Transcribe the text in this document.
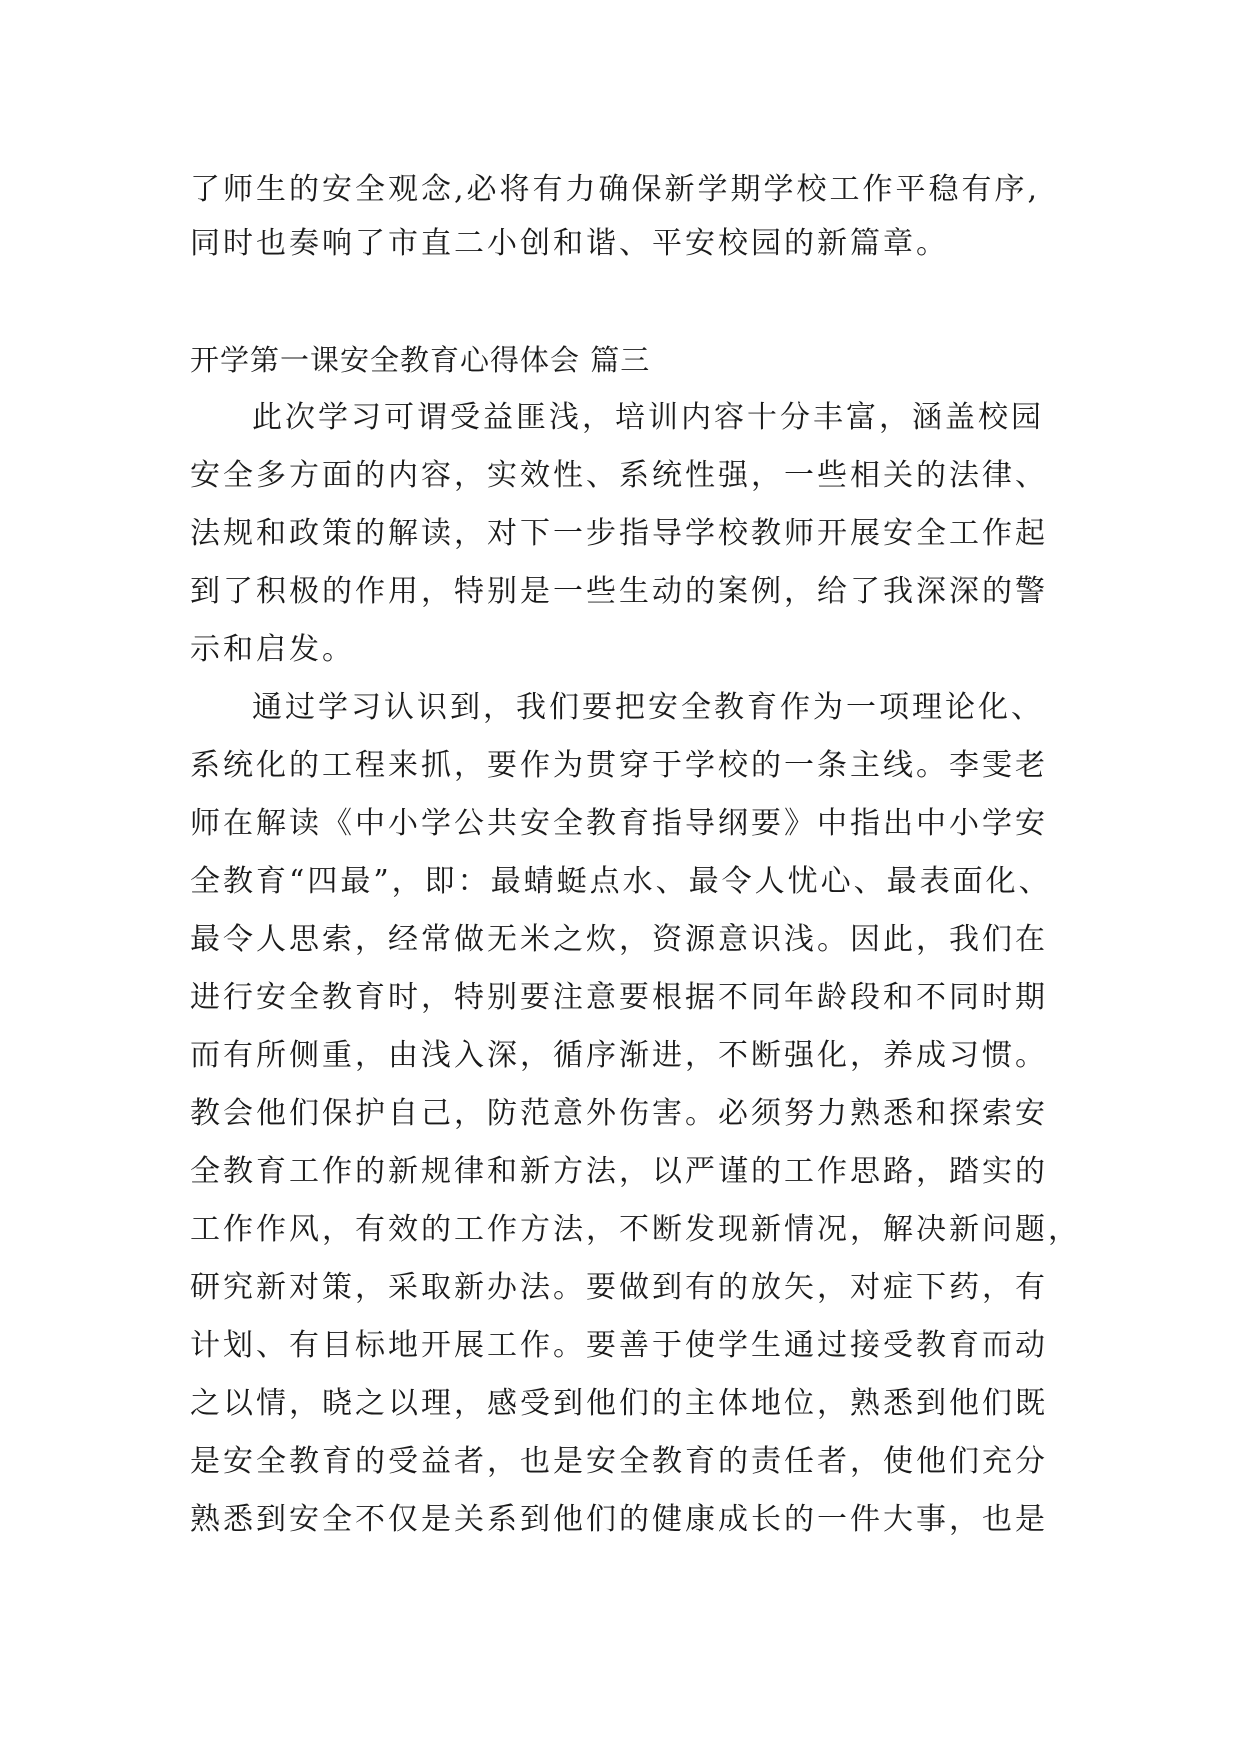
了师生的安全观念,必将有力确保新学期学校工作平稳有序,
同时也奏响了市直二小创和谐、平安校园的新篇章。
开学第一课安全教育心得体会 篇三
此次学习可谓受益匪浅，培训内容十分丰富，涵盖校园
安全多方面的内容，实效性、系统性强，一些相关的法律、
法规和政策的解读，对下一步指导学校教师开展安全工作起
到了积极的作用，特别是一些生动的案例，给了我深深的警
示和启发。
通过学习认识到，我们要把安全教育作为一项理论化、
系统化的工程来抓，要作为贯穿于学校的一条主线。李雯老
师在解读《中小学公共安全教育指导纲要》中指出中小学安
全教育“四最”，即：最蜻蜓点水、最令人忧心、最表面化、
最令人思索，经常做无米之炊，资源意识浅。因此，我们在
进行安全教育时，特别要注意要根据不同年龄段和不同时期
而有所侧重，由浅入深，循序渐进，不断强化，养成习惯。
教会他们保护自己，防范意外伤害。必须努力熟悉和探索安
全教育工作的新规律和新方法，以严谨的工作思路，踏实的
工作作风，有效的工作方法，不断发现新情况，解决新问题，
研究新对策，采取新办法。要做到有的放矢，对症下药，有
计划、有目标地开展工作。要善于使学生通过接受教育而动
之以情，晓之以理，感受到他们的主体地位，熟悉到他们既
是安全教育的受益者，也是安全教育的责任者，使他们充分
熟悉到安全不仅是关系到他们的健康成长的一件大事，也是
